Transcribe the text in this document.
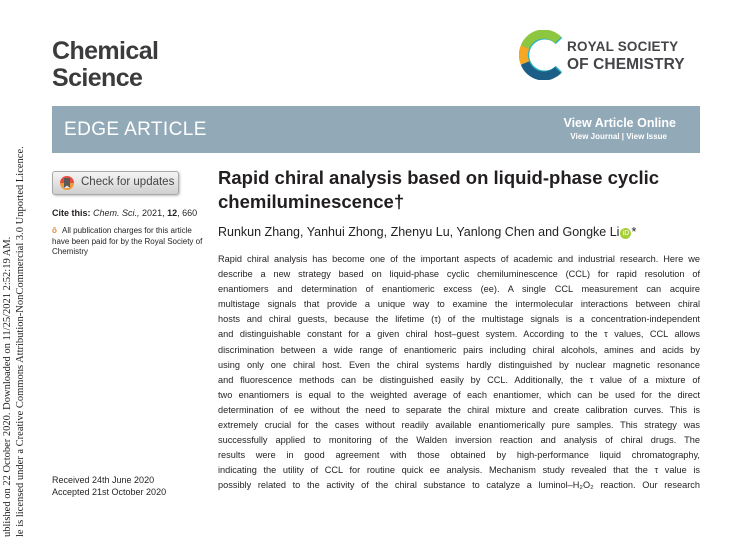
ublished on 22 October 2020. Downloaded on 11/25/2021 2:52:19 AM. le is licensed under a Creative Commons Attribution-NonCommercial 3.0 Unported Licence.
Chemical
Science
ROYAL SOCIETY
OF CHEMISTRY
EDGE ARTICLE	View Article Online
View Journal | View Issue
Check for updates
Cite this: Chem. Sci., 2021, 12, 660
ô All publication charges for this article have been paid for by the Royal Society of Chemistry
Received 24th June 2020
Accepted 21st October 2020
Rapid chiral analysis based on liquid-phase cyclic chemiluminescence†
Runkun Zhang, Yanhui Zhong, Zhenyu Lu, Yanlong Chen and Gongke Li iD *
Rapid chiral analysis has become one of the important aspects of academic and industrial research. Here we
describe a new strategy based on liquid-phase cyclic chemiluminescence (CCL) for rapid resolution of
enantiomers and determination of enantiomeric excess (ee). A single CCL measurement can acquire
multistage signals that provide a unique way to examine the intermolecular interactions between chiral
hosts and chiral guests, because the lifetime (τ) of the multistage signals is a concentration-independent
and distinguishable constant for a given chiral host–guest system. According to the τ values, CCL allows
discrimination between a wide range of enantiomeric pairs including chiral alcohols, amines and acids by
using only one chiral host. Even the chiral systems hardly distinguished by nuclear magnetic resonance
and fluorescence methods can be distinguished easily by CCL. Additionally, the τ value of a mixture of
two enantiomers is equal to the weighted average of each enantiomer, which can be used for the direct
determination of ee without the need to separate the chiral mixture and create calibration curves. This is
extremely crucial for the cases without readily available enantiomerically pure samples. This strategy was
successfully applied to monitoring of the Walden inversion reaction and analysis of chiral drugs. The
results were in good agreement with those obtained by high-performance liquid chromatography,
indicating the utility of CCL for routine quick ee analysis. Mechanism study revealed that the τ value is
possibly related to the activity of the chiral substance to catalyze a luminol–H₂O₂ reaction. Our research
